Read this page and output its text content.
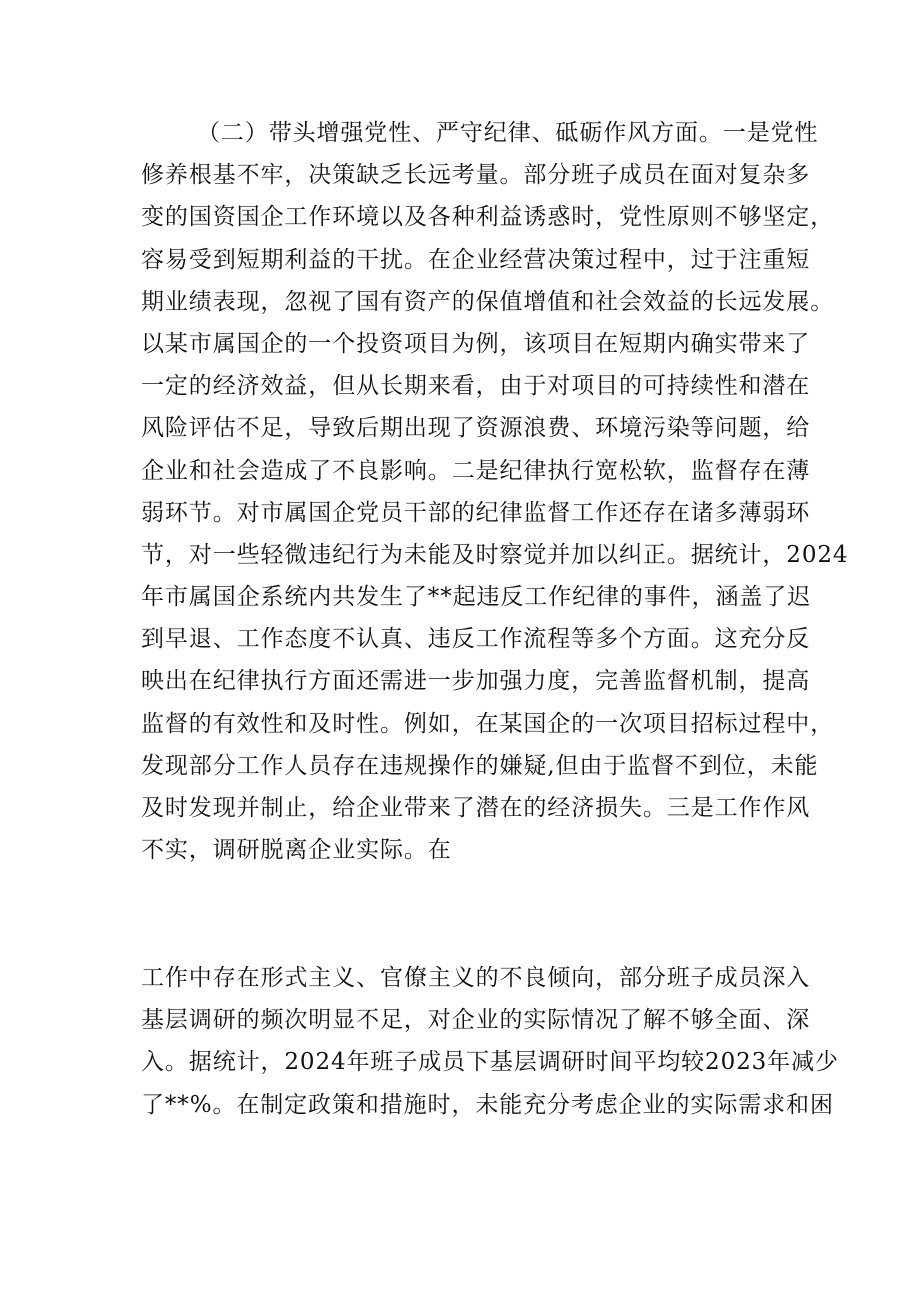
（二）带头增强党性、严守纪律、砥砺作风方面。一是党性
修养根基不牢，决策缺乏长远考量。部分班子成员在面对复杂多
变的国资国企工作环境以及各种利益诱惑时，党性原则不够坚定，
容易受到短期利益的干扰。在企业经营决策过程中，过于注重短
期业绩表现，忽视了国有资产的保值增值和社会效益的长远发展。
以某市属国企的一个投资项目为例，该项目在短期内确实带来了
一定的经济效益，但从长期来看，由于对项目的可持续性和潜在
风险评估不足，导致后期出现了资源浪费、环境污染等问题，给
企业和社会造成了不良影响。二是纪律执行宽松软，监督存在薄
弱环节。对市属国企党员干部的纪律监督工作还存在诸多薄弱环
节，对一些轻微违纪行为未能及时察觉并加以纠正。据统计，2024
年市属国企系统内共发生了**起违反工作纪律的事件，涵盖了迟
到早退、工作态度不认真、违反工作流程等多个方面。这充分反
映出在纪律执行方面还需进一步加强力度，完善监督机制，提高
监督的有效性和及时性。例如，在某国企的一次项目招标过程中，
发现部分工作人员存在违规操作的嫌疑,但由于监督不到位，未能
及时发现并制止，给企业带来了潜在的经济损失。三是工作作风
不实，调研脱离企业实际。在
工作中存在形式主义、官僚主义的不良倾向，部分班子成员深入
基层调研的频次明显不足，对企业的实际情况了解不够全面、深
入。据统计，2024年班子成员下基层调研时间平均较2023年减少
了**%。在制定政策和措施时，未能充分考虑企业的实际需求和困
